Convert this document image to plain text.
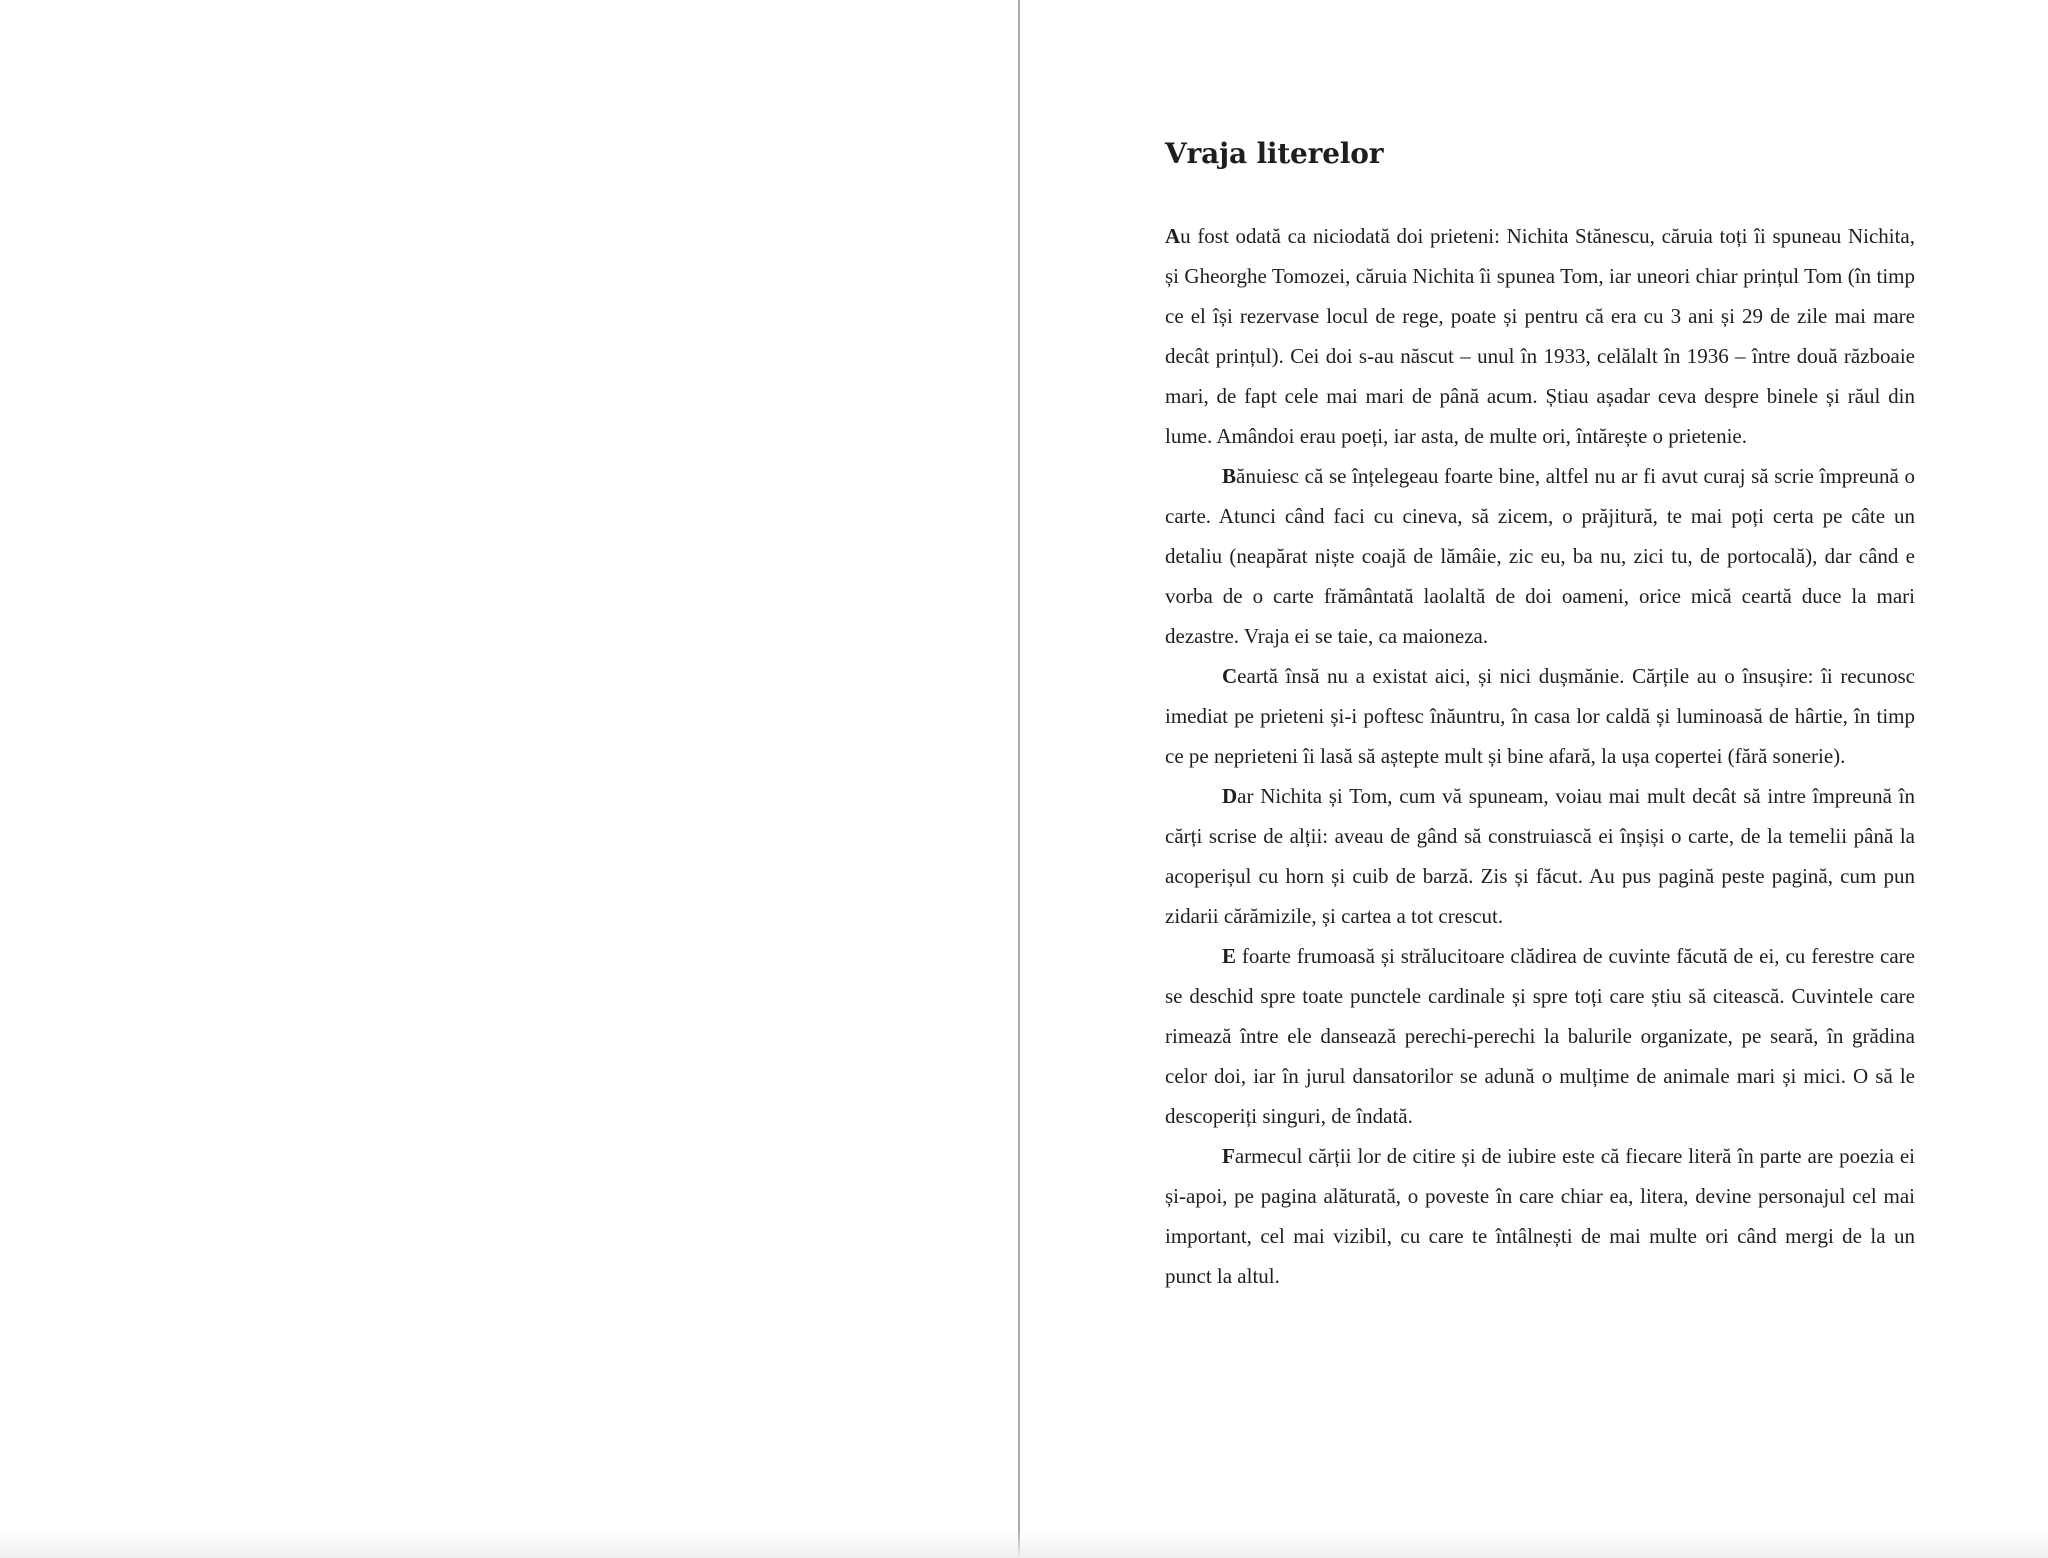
Vraja literelor

Au fost odată ca niciodată doi prieteni: Nichita Stănescu, căruia toți îi spuneau Nichita, și Gheorghe Tomozei, căruia Nichita îi spunea Tom, iar uneori chiar prințul Tom (în timp ce el își rezervase locul de rege, poate și pentru că era cu 3 ani și 29 de zile mai mare decât prințul). Cei doi s-au născut – unul în 1933, celălalt în 1936 – între două războaie mari, de fapt cele mai mari de până acum. Știau așadar ceva despre binele și răul din lume. Amândoi erau poeți, iar asta, de multe ori, întărește o prietenie.

Bănuiesc că se înțelegeau foarte bine, altfel nu ar fi avut curaj să scrie împreună o carte. Atunci când faci cu cineva, să zicem, o prăjitură, te mai poți certa pe câte un detaliu (neapărat niște coajă de lămâie, zic eu, ba nu, zici tu, de portocală), dar când e vorba de o carte frământată laolaltă de doi oameni, orice mică ceartă duce la mari dezastre. Vraja ei se taie, ca maioneza.

Ceartă însă nu a existat aici, și nici dușmănie. Cărțile au o însușire: îi recunosc imediat pe prieteni și-i poftesc înăuntru, în casa lor caldă și luminoasă de hârtie, în timp ce pe neprieteni îi lasă să aștepte mult și bine afară, la ușa copertei (fără sonerie).

Dar Nichita și Tom, cum vă spuneam, voiau mai mult decât să intre împreună în cărți scrise de alții: aveau de gând să construiască ei înșiși o carte, de la temelii până la acoperișul cu horn și cuib de barză. Zis și făcut. Au pus pagină peste pagină, cum pun zidarii cărămizile, și cartea a tot crescut.

E foarte frumoasă și strălucitoare clădirea de cuvinte făcută de ei, cu ferestre care se deschid spre toate punctele cardinale și spre toți care știu să citească. Cuvintele care rimează între ele dansează perechi-perechi la balurile organizate, pe seară, în grădina celor doi, iar în jurul dansatorilor se adună o mulțime de animale mari și mici. O să le descoperiți singuri, de îndată.

Farmecul cărții lor de citire și de iubire este că fiecare literă în parte are poezia ei și-apoi, pe pagina alăturată, o poveste în care chiar ea, litera, devine personajul cel mai important, cel mai vizibil, cu care te întâlnești de mai multe ori când mergi de la un punct la altul.
